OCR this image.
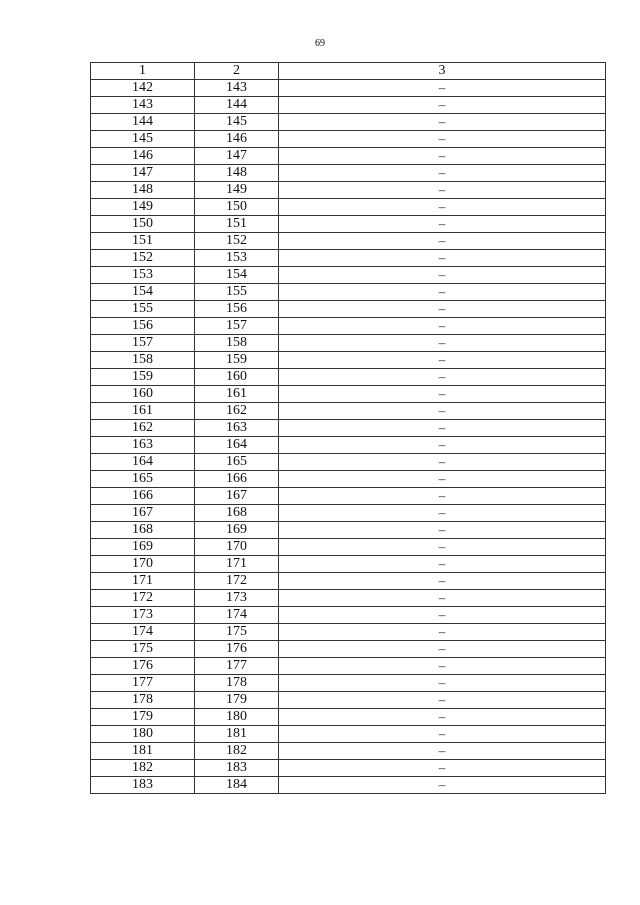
69
1	2	3
142	143	–
143	144	–
144	145	–
145	146	–
146	147	–
147	148	–
148	149	–
149	150	–
150	151	–
151	152	–
152	153	–
153	154	–
154	155	–
155	156	–
156	157	–
157	158	–
158	159	–
159	160	–
160	161	–
161	162	–
162	163	–
163	164	–
164	165	–
165	166	–
166	167	–
167	168	–
168	169	–
169	170	–
170	171	–
171	172	–
172	173	–
173	174	–
174	175	–
175	176	–
176	177	–
177	178	–
178	179	–
179	180	–
180	181	–
181	182	–
182	183	–
183	184	–
